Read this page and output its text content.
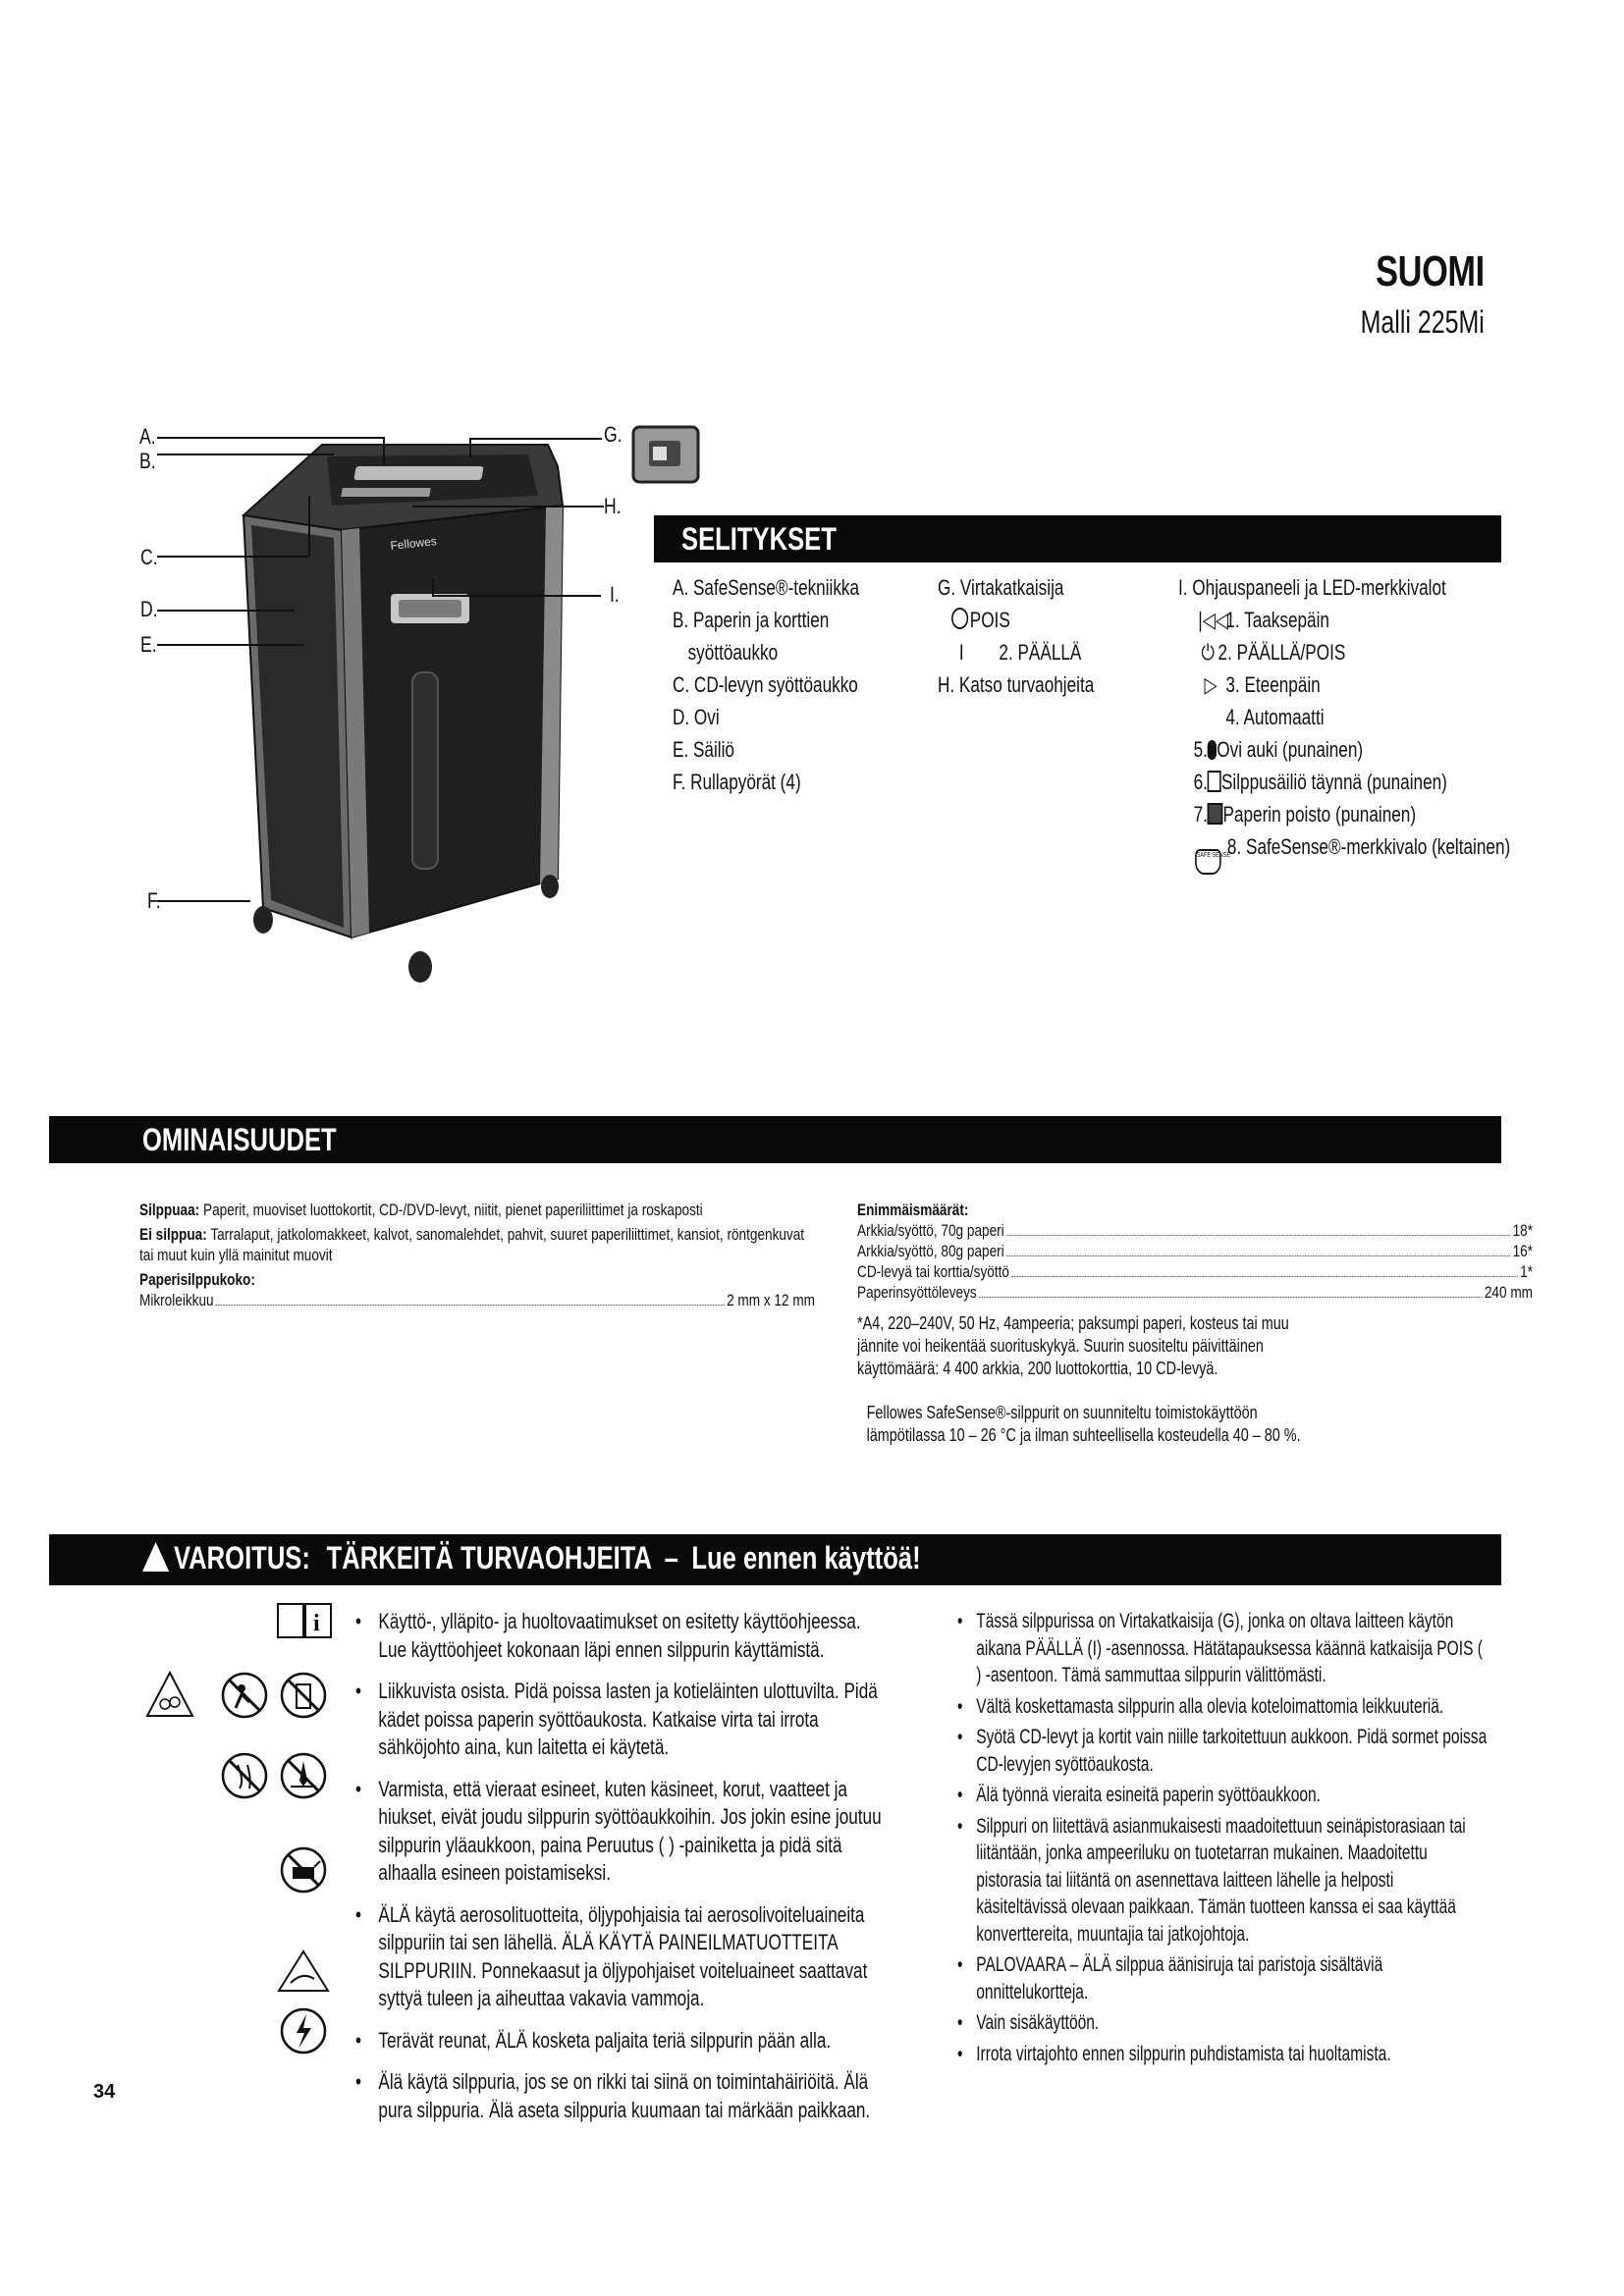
SUOMI
Malli 225Mi
Fellowes
A.
B.
C.
D.
E.
F.
G.
H.
I.
SELITYKSET
A. SafeSense®-tekniikka
B. Paperin ja korttien
syöttöaukko
C. CD-levyn syöttöaukko
D. Ovi
E. Säiliö
F. Rullapyörät (4)
G. Virtakatkaisija
POIS
I 2. PÄÄLLÄ
H. Katso turvaohjeita
I. Ohjauspaneeli ja LED-merkkivalot
|◁◁1. Taaksepäin
⏻ 2. PÄÄLLÄ/POIS
▷ 3. Eteenpäin
4. Automaatti
5. Ovi auki (punainen)
6. Silppusäiliö täynnä (punainen)
7. Paperin poisto (punainen)
SAFE SENSE8. SafeSense®-merkkivalo (keltainen)
OMINAISUUDET
Silppuaa: Paperit, muoviset luottokortit, CD-/DVD-levyt, niitit, pienet paperiliittimet ja roskaposti
Ei silppua: Tarralaput, jatkolomakkeet, kalvot, sanomalehdet, pahvit, suuret paperiliittimet, kansiot, röntgenkuvat tai muut kuin yllä mainitut muovit
Paperisilppukoko:
Mikroleikkuu	2 mm x 12 mm
Enimmäismäärät:
Arkkia/syöttö, 70g paperi	18*
Arkkia/syöttö, 80g paperi	16*
CD-levyä tai korttia/syöttö	1*
Paperinsyöttöleveys	240 mm
*A4, 220–240V, 50 Hz, 4ampeeria; paksumpi paperi, kosteus tai muu jännite voi heikentää suorituskykyä. Suurin suositeltu päivittäinen käyttömäärä: 4 400 arkkia, 200 luottokorttia, 10 CD-levyä.
Fellowes SafeSense®-silppurit on suunniteltu toimistokäyttöön lämpötilassa 10 – 26 °C ja ilman suhteellisella kosteudella 40 – 80 %.
VAROITUS: TÄRKEITÄ TURVAOHJEITA – Lue ennen käyttöä!
i
•	Käyttö-, ylläpito- ja huoltovaatimukset on esitetty käyttöohjeessa. Lue käyttöohjeet kokonaan läpi ennen silppurin käyttämistä.
• Liikkuvista osista. Pidä poissa lasten ja kotieläinten ulottuvilta. Pidä kädet poissa paperin syöttöaukosta. Katkaise virta tai irrota sähköjohto aina, kun laitetta ei käytetä.
• Varmista, että vieraat esineet, kuten käsineet, korut, vaatteet ja hiukset, eivät joudu silppurin syöttöaukkoihin. Jos jokin esine joutuu silppurin yläaukkoon, paina Peruutus ( ) -painiketta ja pidä sitä alhaalla esineen poistamiseksi.
• ÄLÄ käytä aerosolituotteita, öljypohjaisia tai aerosolivoiteluaineita silppuriin tai sen lähellä. ÄLÄ KÄYTÄ PAINEILMATUOTTEITA SILPPURIIN. Ponnekaasut ja öljypohjaiset voiteluaineet saattavat syttyä tuleen ja aiheuttaa vakavia vammoja.
• Terävät reunat, ÄLÄ kosketa paljaita teriä silppurin pään alla.
• Älä käytä silppuria, jos se on rikki tai siinä on toimintahäiriöitä. Älä pura silppuria. Älä aseta silppuria kuumaan tai märkään paikkaan.
• Tässä silppurissa on Virtakatkaisija (G), jonka on oltava laitteen käytön aikana PÄÄLLÄ (I) -asennossa. Hätätapauksessa käännä katkaisija POIS ( ) -asentoon. Tämä sammuttaa silppurin välittömästi.
• Vältä koskettamasta silppurin alla olevia koteloimattomia leikkuuteriä.
• Syötä CD-levyt ja kortit vain niille tarkoitettuun aukkoon. Pidä sormet poissa CD-levyjen syöttöaukosta.
• Älä työnnä vieraita esineitä paperin syöttöaukkoon.
• Silppuri on liitettävä asianmukaisesti maadoitettuun seinäpistorasiaan tai liitäntään, jonka ampeeriluku on tuotetarran mukainen. Maadoitettu pistorasia tai liitäntä on asennettava laitteen lähelle ja helposti käsiteltävissä olevaan paikkaan. Tämän tuotteen kanssa ei saa käyttää konverttereita, muuntajia tai jatkojohtoja.
• PALOVAARA – ÄLÄ silppua äänisiruja tai paristoja sisältäviä onnittelukortteja.
• Vain sisäkäyttöön.
• Irrota virtajohto ennen silppurin puhdistamista tai huoltamista.
34
